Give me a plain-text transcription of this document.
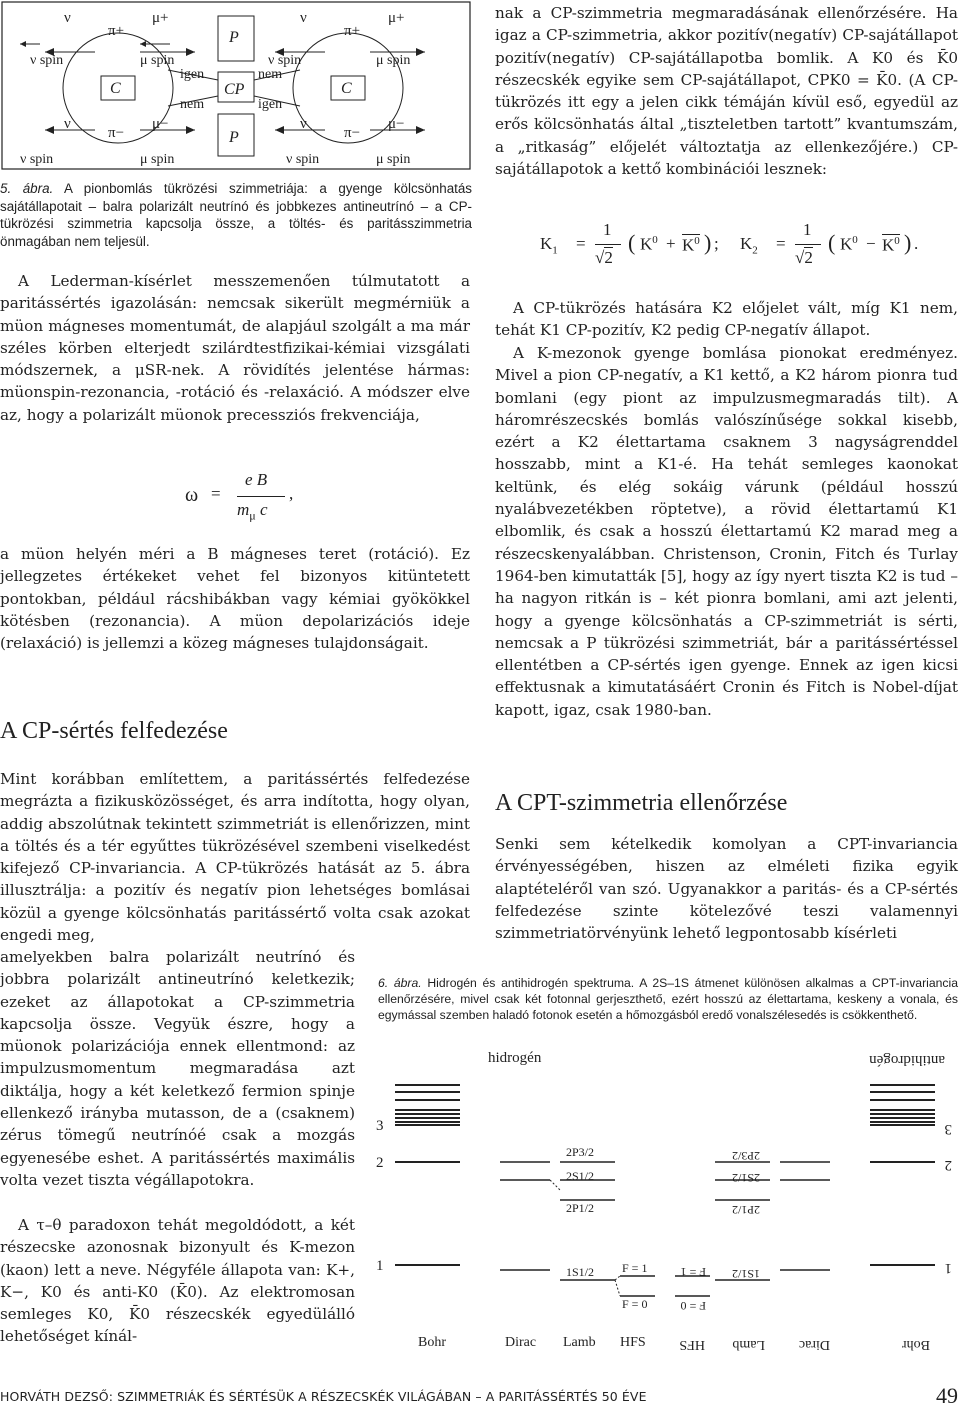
ν
π+
μ+
P
ν
π+
μ+
ν spin	μ spin	ν spin	μ spin
igen	nem
C	CP	C
nem	igen
ν
π−
μ−
P
ν
π−
μ−
ν spin	μ spin	ν spin	μ spin

5. ábra. A pionbomlás tükrözési szimmetriája: a gyenge kölcsönhatás sajátállapotait – balra polarizált neutrínó és jobbkezes antineutrínó – a CP-tükrözési szimmetria kapcsolja össze, a töltés- és paritásszimmetria önmagában nem teljesül.

A Lederman-kísérlet messzemenően túlmutatott a paritássértés igazolásán: nemcsak sikerült megmérniük a müon mágneses momentumát, de alapjául szolgált a ma már széles körben elterjedt szilárdtestfizikai-kémiai vizsgálati módszernek, a μSR-nek. A rövidítés jelentése hármas: müonspin-rezonancia, -rotáció és -relaxáció. A módszer elve az, hogy a polarizált müonok precessziós frekvenciája,

ω =
e B
$m_\mu$ c
,

a müon helyén méri a B mágneses teret (rotáció). Ez jellegzetes értékeket vehet fel bizonyos kitüntetett pontokban, például rácshibákban vagy kémiai gyökökkel kötésben (rezonancia). A müon depolarizációs ideje (relaxáció) is jellemzi a közeg mágneses tulajdonságait.

A CP-sértés felfedezése

Mint korábban említettem, a paritássértés felfedezése megrázta a fizikusközösséget, és arra indította, hogy olyan, addig abszolútnak tekintett szimmetriát is ellenőrizzen, mint a töltés és a tér egyűttes tükrözésével szembeni viselkedést kifejező CP-invariancia. A CP-tükrözés hatását az 5. ábra illusztrálja: a pozitív és negatív pion lehetséges bomlásai közül a gyenge kölcsönhatás paritássértő volta csak azokat engedi meg,

amelyekben balra polarizált neutrínó és jobbra polarizált antineutrínó keletkezik; ezeket az állapotokat a CP-szimmetria kapcsolja össze. Vegyük észre, hogy a müonok polarizációja ennek ellentmond: az impulzusmomentum megmaradása azt diktálja, hogy a két keletkező fermion spinje ellenkező irányba mutasson, de a (csaknem) zérus tömegű neutrínóé csak a mozgás egyenesébe eshet. A paritássértés maximális volta vezet tiszta végállapotokra.

A τ–θ paradoxon tehát megoldódott, a két részecske azonosnak bizonyult és K-mezon (kaon) lett a neve. Négyféle állapota van: K+, K−, K0 és anti-K0 (K̄0). Az elektromosan semleges K0, K̄0 részecskék egyedülálló lehetőséget kínál-

nak a CP-szimmetria megmaradásának ellenőrzésére. Ha igaz a CP-szimmetria, akkor pozitív(negatív) CP-sajátállapot pozitív(negatív) CP-sajátállapotba bomlik. A K0 és K̄0 részecskék egyike sem CP-sajátállapot, CPK0 = K̄0. (A CP-tükrözés itt egy a jelen cikk témáján kívül eső, egyedül az erős kölcsönhatás által „tiszteletben tartott” kvantumszám, a „ritkaság” előjelét változtatja az ellenkezőjére.) CP-sajátállapotok a kettő kombinációi lesznek:

$K_1$ =
1
√2
( $K^0 + K^0$ ) ; $K_2$ =
1
√2
( $K^0 - K^0$ ) .

A CP-tükrözés hatására K2 előjelet vált, míg K1 nem, tehát K1 CP-pozitív, K2 pedig CP-negatív állapot.

A K-mezonok gyenge bomlása pionokat eredményez. Mivel a pion CP-negatív, a K1 kettő, a K2 három pionra tud bomlani (egy piont az impulzusmegmaradás tilt). A háromrészecskés bomlás valószínűsége sokkal kisebb, ezért a K2 élettartama csaknem 3 nagyságrenddel hosszabb, mint a K1-é. Ha tehát semleges kaonokat keltünk, és elég sokáig várunk (például hosszú nyalábvezetékben röptetve), a rövid élettartamú K1 elbomlik, és csak a hosszú élettartamú K2 marad meg a részecskenyalábban. Christenson, Cronin, Fitch és Turlay 1964-ben kimutatták [5], hogy az így nyert tiszta K2 is tud – ha nagyon ritkán is – két pionra bomlani, ami azt jelenti, hogy a gyenge kölcsönhatás a CP-szimmetriát is sérti, nemcsak a P tükrözési szimmetriát, bár a paritássértéssel ellentétben a CP-sértés igen gyenge. Ennek az igen kicsi effektusnak a kimutatásáért Cronin és Fitch is Nobel-díjat kapott, igaz, csak 1980-ban.

A CPT-szimmetria ellenőrzése

Senki sem kételkedik komolyan a CPT-invariancia érvényességében, hiszen az elméleti fizika egyik alaptételéről van szó. Ugyanakkor a paritás- és a CP-sértés felfedezése szinte kötelezővé teszi valamennyi szimmetriatörvényünk lehető legpontosabb kísérleti

6. ábra. Hidrogén és antihidrogén spektruma. A 2S–1S átmenet különösen alkalmas a CPT-invariancia ellenőrzésére, mivel csak két fotonnal gerjeszthető, ezért hosszú az élettartama, keskeny a vonala, és egymással szemben haladó fotonok esetén a hőmozgásból eredő vonalszélesedés is csökkenthető.

hidrogén	antihidrogén
3
2
1
3
2
1
2P3/2
2S1/2
2P1/2
1S1/2 F = 1
F = 0
2P3/2
2S1/2
2P1/2
1S1/2
F = 1
F = 0
Bohr	Dirac Lamb HFS HFS Lamb Dirac	Bohr
HORVÁTH DEZSŐ: SZIMMETRIÁK ÉS SÉRTÉSÜK A RÉSZECSKÉK VILÁGÁBAN – A PARITÁSSÉRTÉS 50 ÉVE	49
